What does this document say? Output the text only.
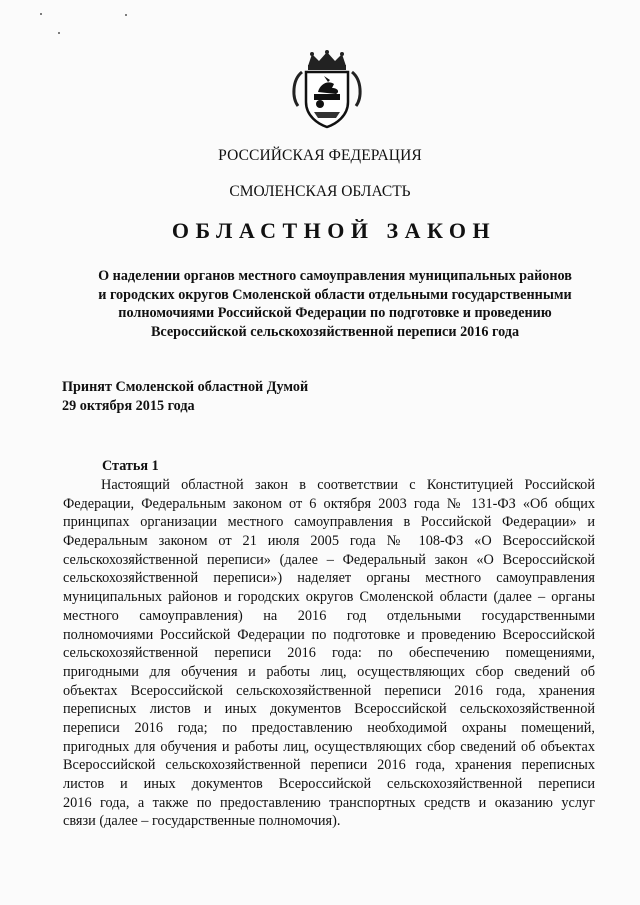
РОССИЙСКАЯ ФЕДЕРАЦИЯ
СМОЛЕНСКАЯ ОБЛАСТЬ
ОБЛАСТНОЙ ЗАКОН
О наделении органов местного самоуправления муниципальных районов
и городских округов Смоленской области отдельными государственными
полномочиями Российской Федерации по подготовке и проведению
Всероссийской сельскохозяйственной переписи 2016 года
Принят Смоленской областной Думой
29 октября 2015 года
Статья 1
Настоящий областной закон в соответствии с Конституцией Российской
Федерации, Федеральным законом от 6 октября 2003 года № 131-ФЗ «Об общих
принципах организации местного самоуправления в Российской Федерации» и
Федеральным законом от 21 июля 2005 года № 108-ФЗ «О Всероссийской
сельскохозяйственной переписи» (далее – Федеральный закон «О Всероссийской
сельскохозяйственной переписи») наделяет органы местного самоуправления
муниципальных районов и городских округов Смоленской области (далее – органы
местного самоуправления) на 2016 год отдельными государственными
полномочиями Российской Федерации по подготовке и проведению Всероссийской
сельскохозяйственной переписи 2016 года: по обеспечению помещениями,
пригодными для обучения и работы лиц, осуществляющих сбор сведений об
объектах Всероссийской сельскохозяйственной переписи 2016 года, хранения
переписных листов и иных документов Всероссийской сельскохозяйственной
переписи 2016 года; по предоставлению необходимой охраны помещений,
пригодных для обучения и работы лиц, осуществляющих сбор сведений об объектах
Всероссийской сельскохозяйственной переписи 2016 года, хранения переписных
листов и иных документов Всероссийской сельскохозяйственной переписи
2016 года, а также по предоставлению транспортных средств и оказанию услуг
связи (далее – государственные полномочия).
